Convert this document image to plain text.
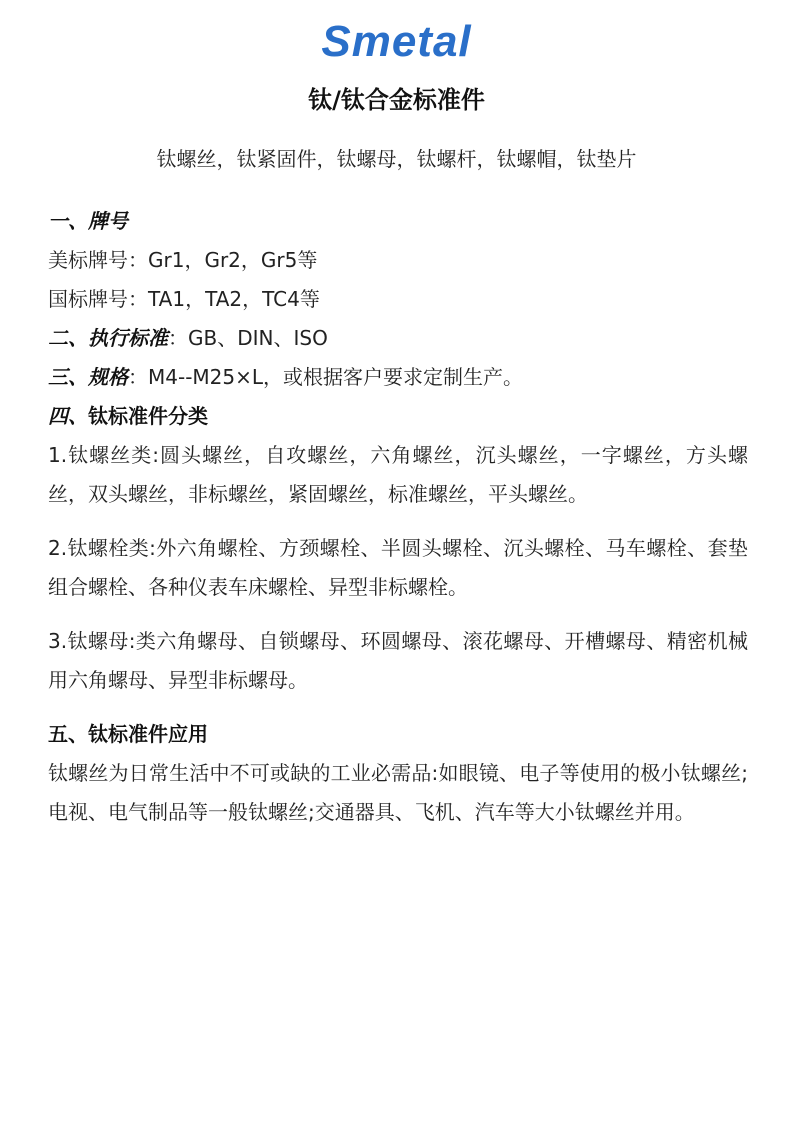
Smetal
钛/钛合金标准件
钛螺丝，钛紧固件，钛螺母，钛螺杆，钛螺帽，钛垫片

一、牌号

美标牌号：Gr1，Gr2，Gr5等

国标牌号：TA1，TA2，TC4等

二、执行标准：GB、DIN、ISO

三、规格：M4--M25×L，或根据客户要求定制生产。

四、钛标准件分类

1.钛螺丝类:圆头螺丝，自攻螺丝，六角螺丝，沉头螺丝，一字螺丝，方头螺丝，双头螺丝，非标螺丝，紧固螺丝，标准螺丝，平头螺丝。

2.钛螺栓类:外六角螺栓、方颈螺栓、半圆头螺栓、沉头螺栓、马车螺栓、套垫组合螺栓、各种仪表车床螺栓、异型非标螺栓。

3.钛螺母:类六角螺母、自锁螺母、环圆螺母、滚花螺母、开槽螺母、精密机械用六角螺母、异型非标螺母。

五、钛标准件应用

钛螺丝为日常生活中不可或缺的工业必需品:如眼镜、电子等使用的极小钛螺丝;电视、电气制品等一般钛螺丝;交通器具、飞机、汽车等大小钛螺丝并用。
